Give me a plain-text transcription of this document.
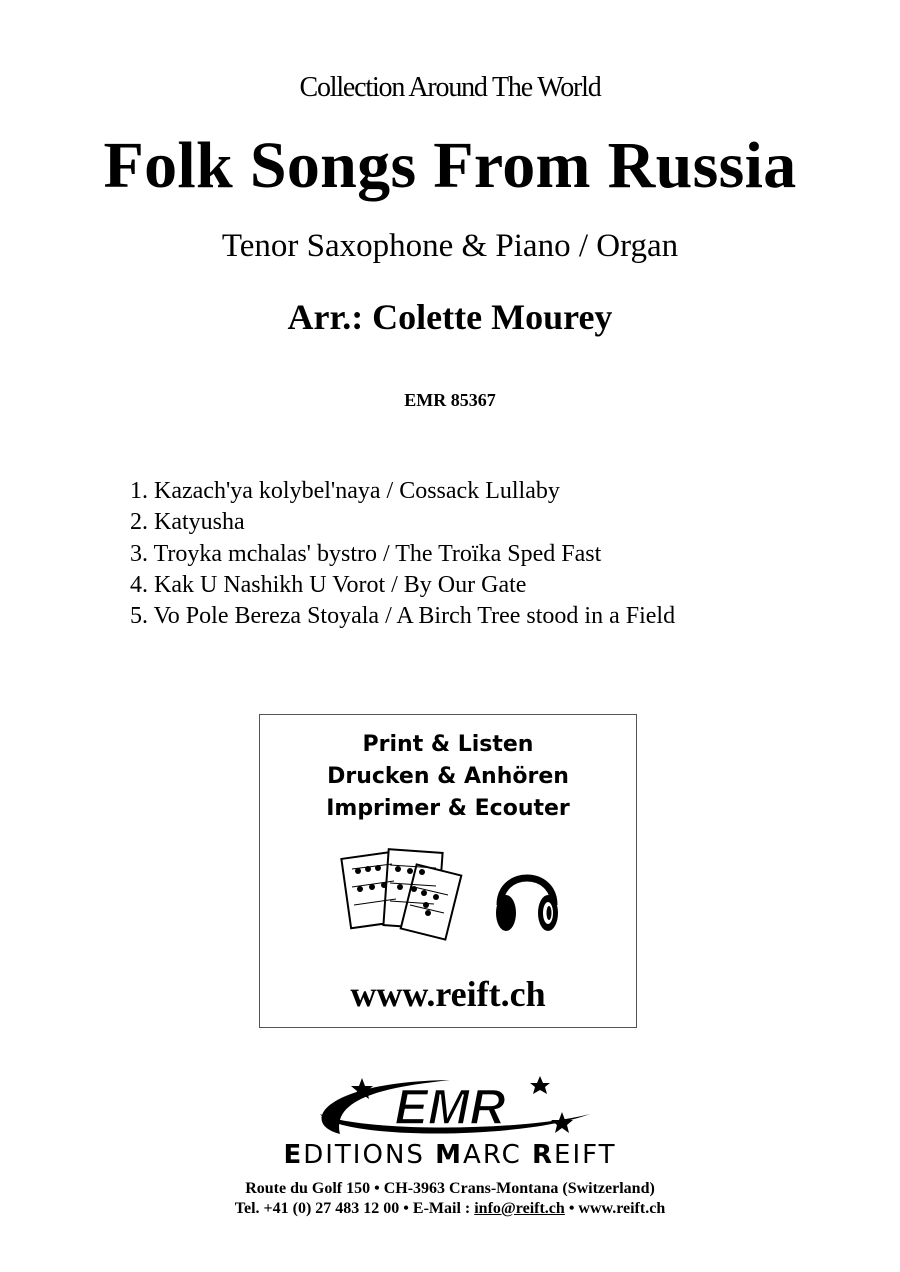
Collection Around The World
Folk Songs From Russia
Tenor Saxophone & Piano / Organ
Arr.: Colette Mourey
EMR 85367
1. Kazach'ya kolybel'naya / Cossack Lullaby
2. Katyusha
3. Troyka mchalas' bystro / The Troïka Sped Fast
4. Kak U Nashikh U Vorot / By Our Gate
5. Vo Pole Bereza Stoyala / A Birch Tree stood in a Field
Print & Listen
Drucken & Anhören
Imprimer & Ecouter
www.reift.ch
EMR
EDITIONS MARC REIFT
Route du Golf 150 • CH-3963 Crans-Montana (Switzerland)
Tel. +41 (0) 27 483 12 00 • E-Mail : info@reift.ch • www.reift.ch
